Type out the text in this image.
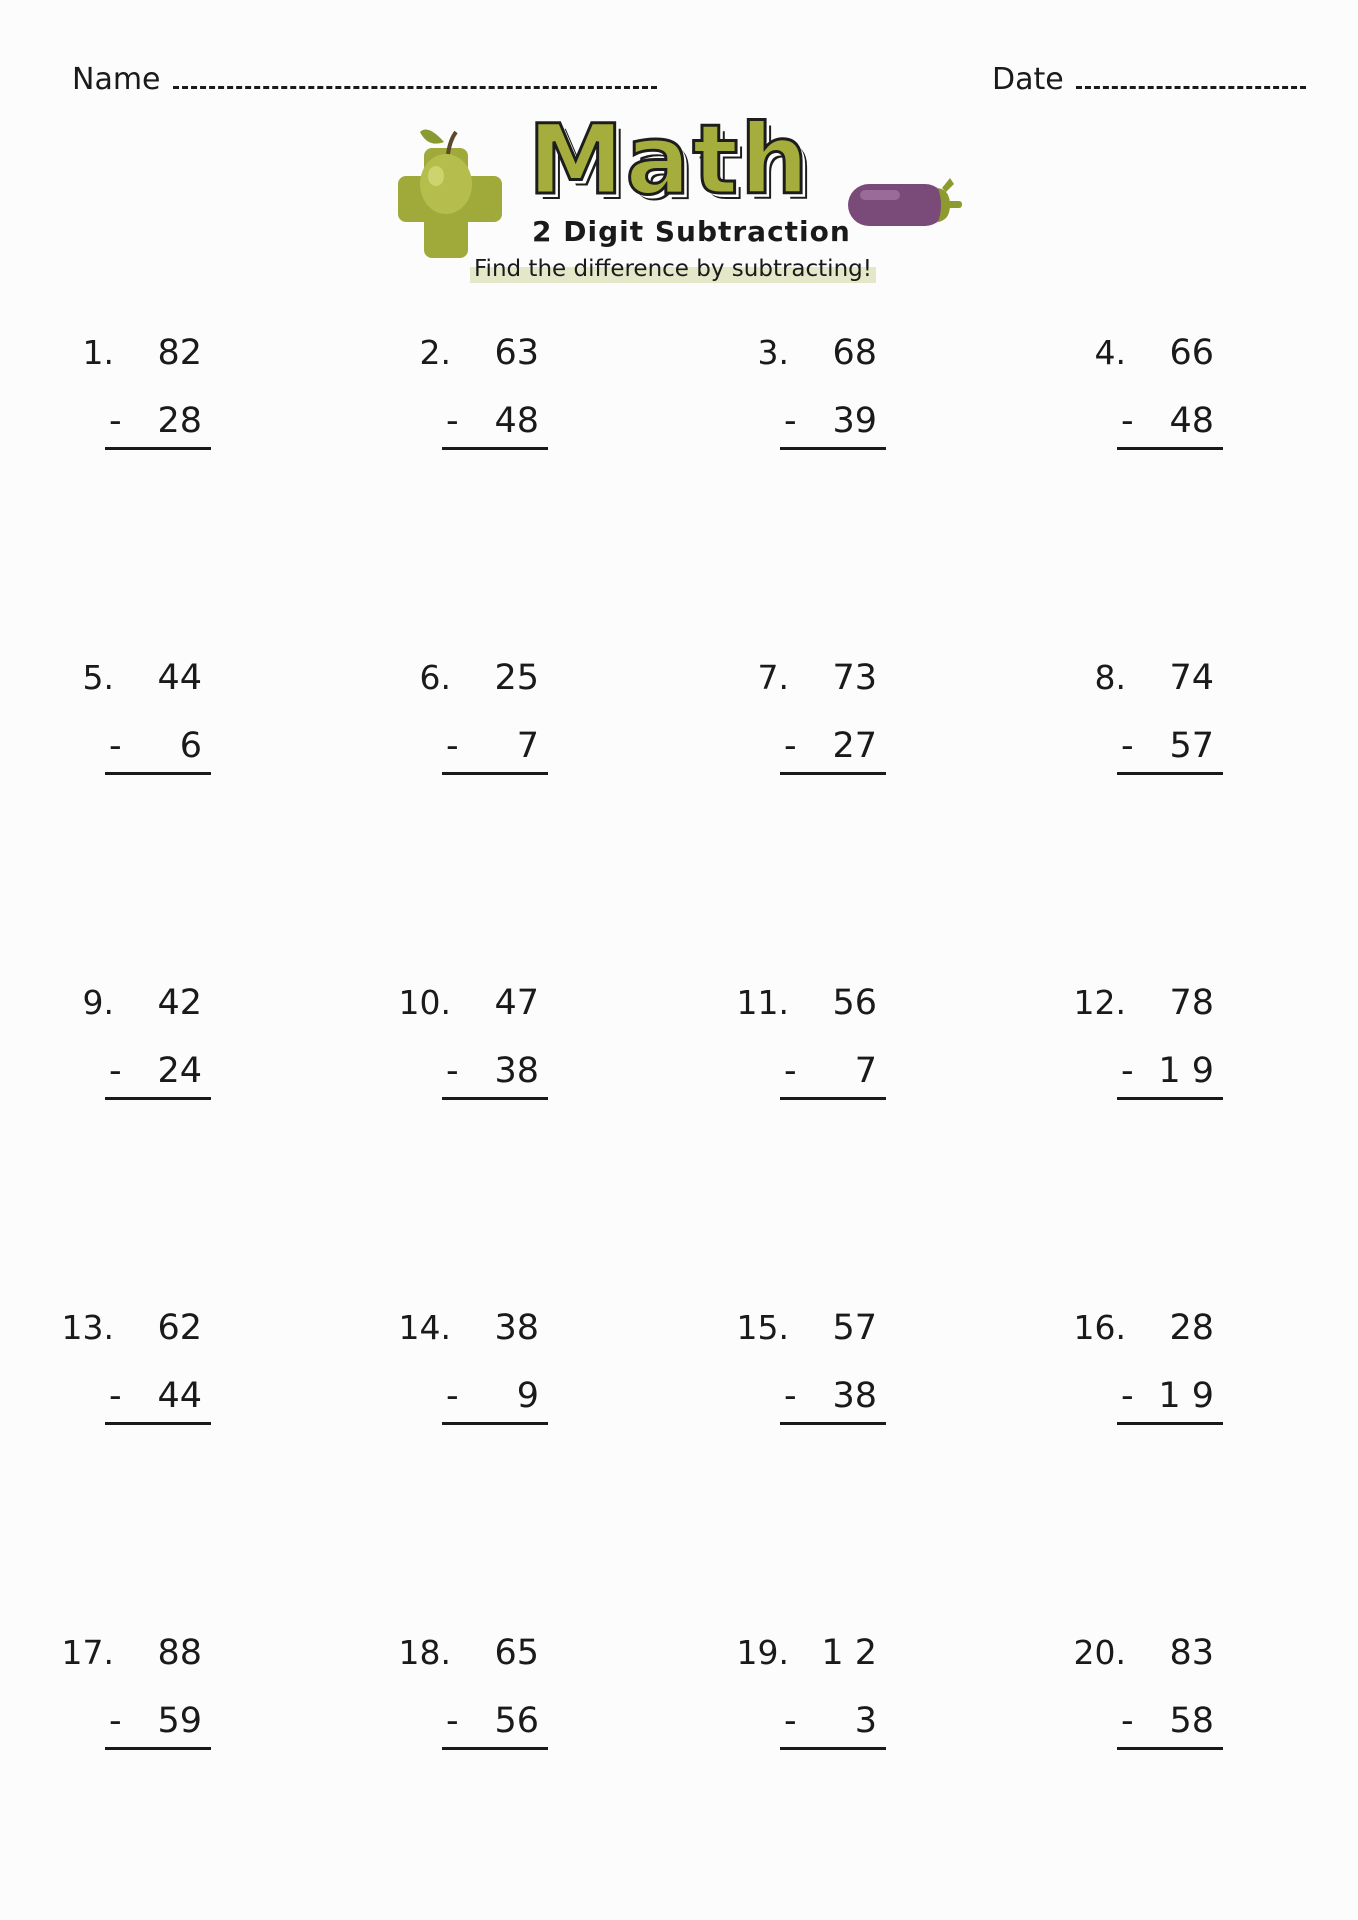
Name	Date
Math
2 Digit Subtraction
Find the difference by subtracting!
1.	82
-	28
2.	63
-	48
3.	68
-	39
4.	66
-	48
5.	44
-	6
6.	25
-	7
7.	73
-	27
8.	74
-	57
9.	42
-	24
10.	47
-	38
11.	56
-	7
12.	78
- 1 9
13.	62
-	44
14.	38
-	9
15.	57
-	38
16.	28
- 1 9
17.	88
-	59
18.	65
-	56
19. 1 2
-	3
20.	83
-	58
